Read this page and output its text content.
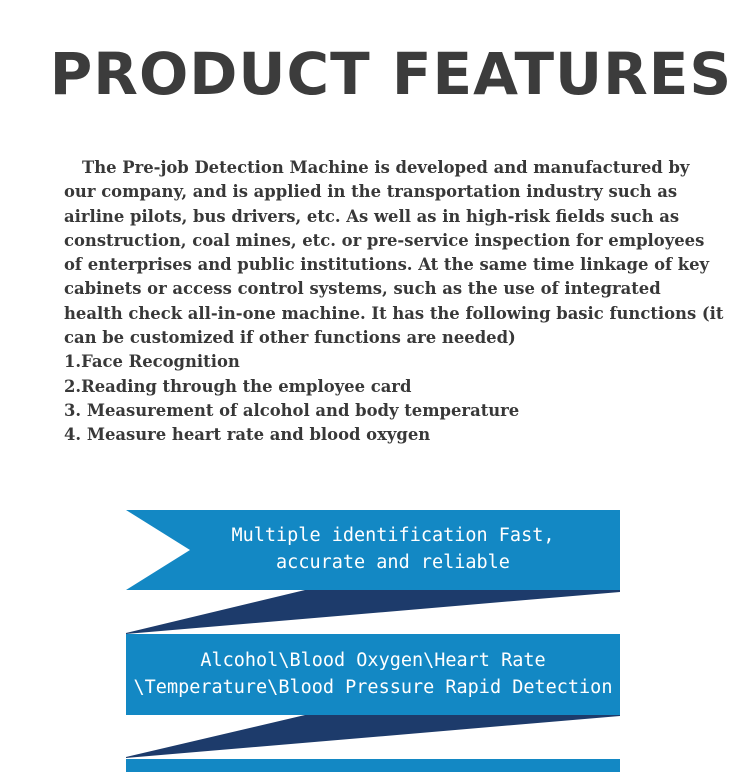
PRODUCT FEATURES

The Pre-job Detection Machine is developed and manufactured by our company, and is applied in the transportation industry such as airline pilots, bus drivers, etc. As well as in high-risk fields such as construction, coal mines, etc. or pre-service inspection for employees of enterprises and public institutions. At the same time linkage of key cabinets or access control systems, such as the use of integrated health check all-in-one machine. It has the following basic functions (it can be customized if other functions are needed)

1.Face Recognition

2.Reading through the employee card

3. Measurement of alcohol and body temperature

4. Measure heart rate and blood oxygen

Multiple identification Fast,
accurate and reliable
Alcohol\Blood Oxygen\Heart Rate
\Temperature\Blood Pressure Rapid Detection
